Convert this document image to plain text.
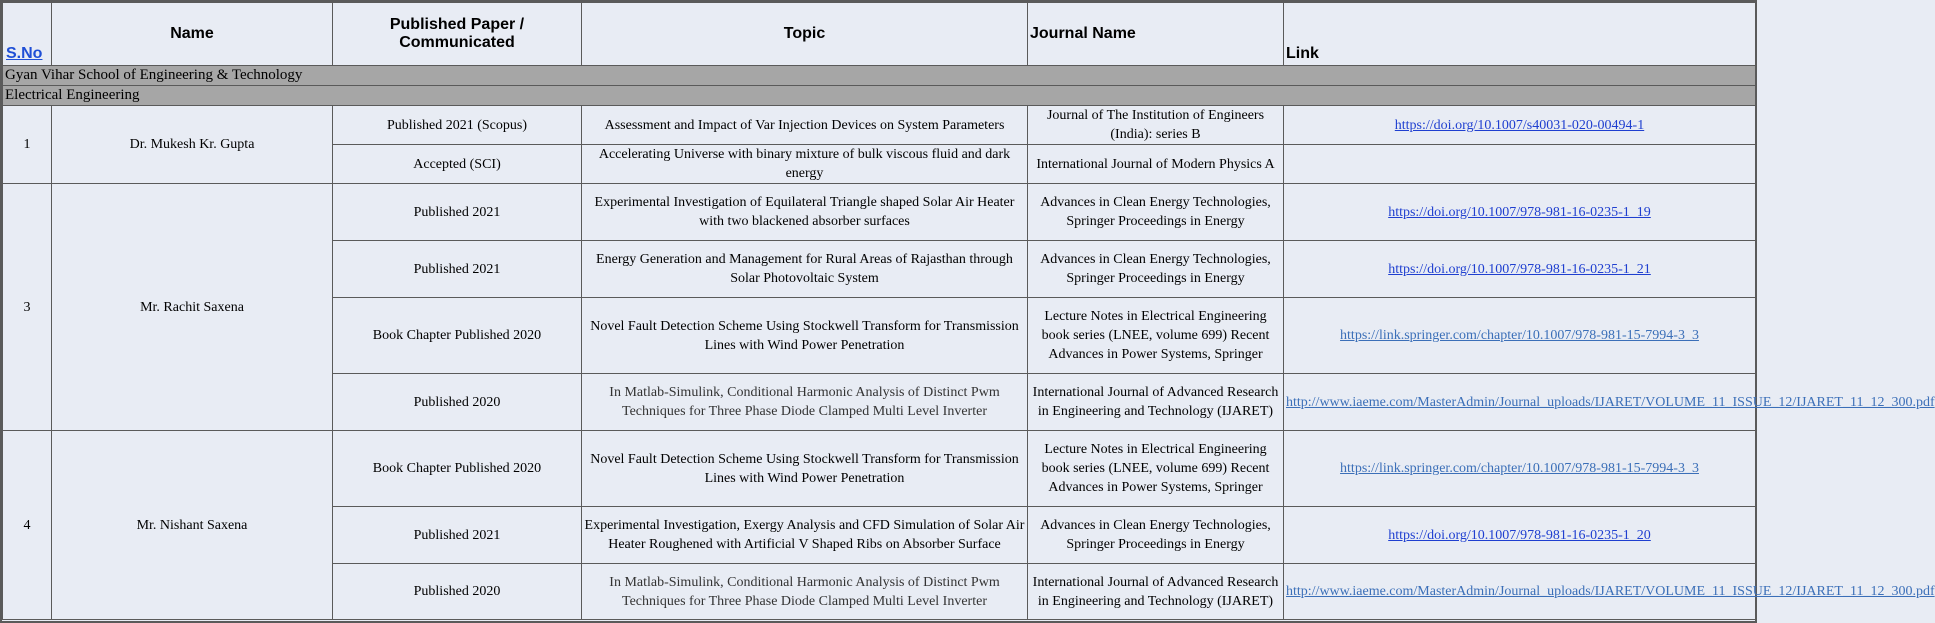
S.No	Name	Published Paper / Communicated	Topic	Journal Name	Link
Gyan Vihar School of Engineering & Technology					
Electrical Engineering					
1	Dr. Mukesh Kr. Gupta	Published 2021 (Scopus)	Assessment and Impact of Var Injection Devices on System Parameters	Journal of The Institution of Engineers (India): series B	https://doi.org/10.1007/s40031-020-00494-1
		Accepted (SCI)	Accelerating Universe with binary mixture of bulk viscous fluid and dark energy	International Journal of Modern Physics A	
3	Mr. Rachit Saxena	Published 2021	Experimental Investigation of Equilateral Triangle shaped Solar Air Heater with two blackened absorber surfaces	Advances in Clean Energy Technologies, Springer Proceedings in Energy	https://doi.org/10.1007/978-981-16-0235-1_19
		Published 2021	Energy Generation and Management for Rural Areas of Rajasthan through Solar Photovoltaic System	Advances in Clean Energy Technologies, Springer Proceedings in Energy	https://doi.org/10.1007/978-981-16-0235-1_21
		Book Chapter Published 2020	Novel Fault Detection Scheme Using Stockwell Transform for Transmission Lines with Wind Power Penetration	Lecture Notes in Electrical Engineering book series (LNEE, volume 699) Recent Advances in Power Systems, Springer	https://link.springer.com/chapter/10.1007/978-981-15-7994-3_3
		Published 2020	In Matlab-Simulink, Conditional Harmonic Analysis of Distinct Pwm Techniques for Three Phase Diode Clamped Multi Level Inverter	International Journal of Advanced Research in Engineering and Technology (IJARET)	http://www.iaeme.com/MasterAdmin/Journal_uploads/IJARET/VOLUME_11_ISSUE_12/IJARET_11_12_300.pdf
4	Mr. Nishant Saxena	Book Chapter Published 2020	Novel Fault Detection Scheme Using Stockwell Transform for Transmission Lines with Wind Power Penetration	Lecture Notes in Electrical Engineering book series (LNEE, volume 699) Recent Advances in Power Systems, Springer	https://link.springer.com/chapter/10.1007/978-981-15-7994-3_3
		Published 2021	Experimental Investigation, Exergy Analysis and CFD Simulation of Solar Air Heater Roughened with Artificial V Shaped Ribs on Absorber Surface	Advances in Clean Energy Technologies, Springer Proceedings in Energy	https://doi.org/10.1007/978-981-16-0235-1_20
		Published 2020	In Matlab-Simulink, Conditional Harmonic Analysis of Distinct Pwm Techniques for Three Phase Diode Clamped Multi Level Inverter	International Journal of Advanced Research in Engineering and Technology (IJARET)	http://www.iaeme.com/MasterAdmin/Journal_uploads/IJARET/VOLUME_11_ISSUE_12/IJARET_11_12_300.pdf
